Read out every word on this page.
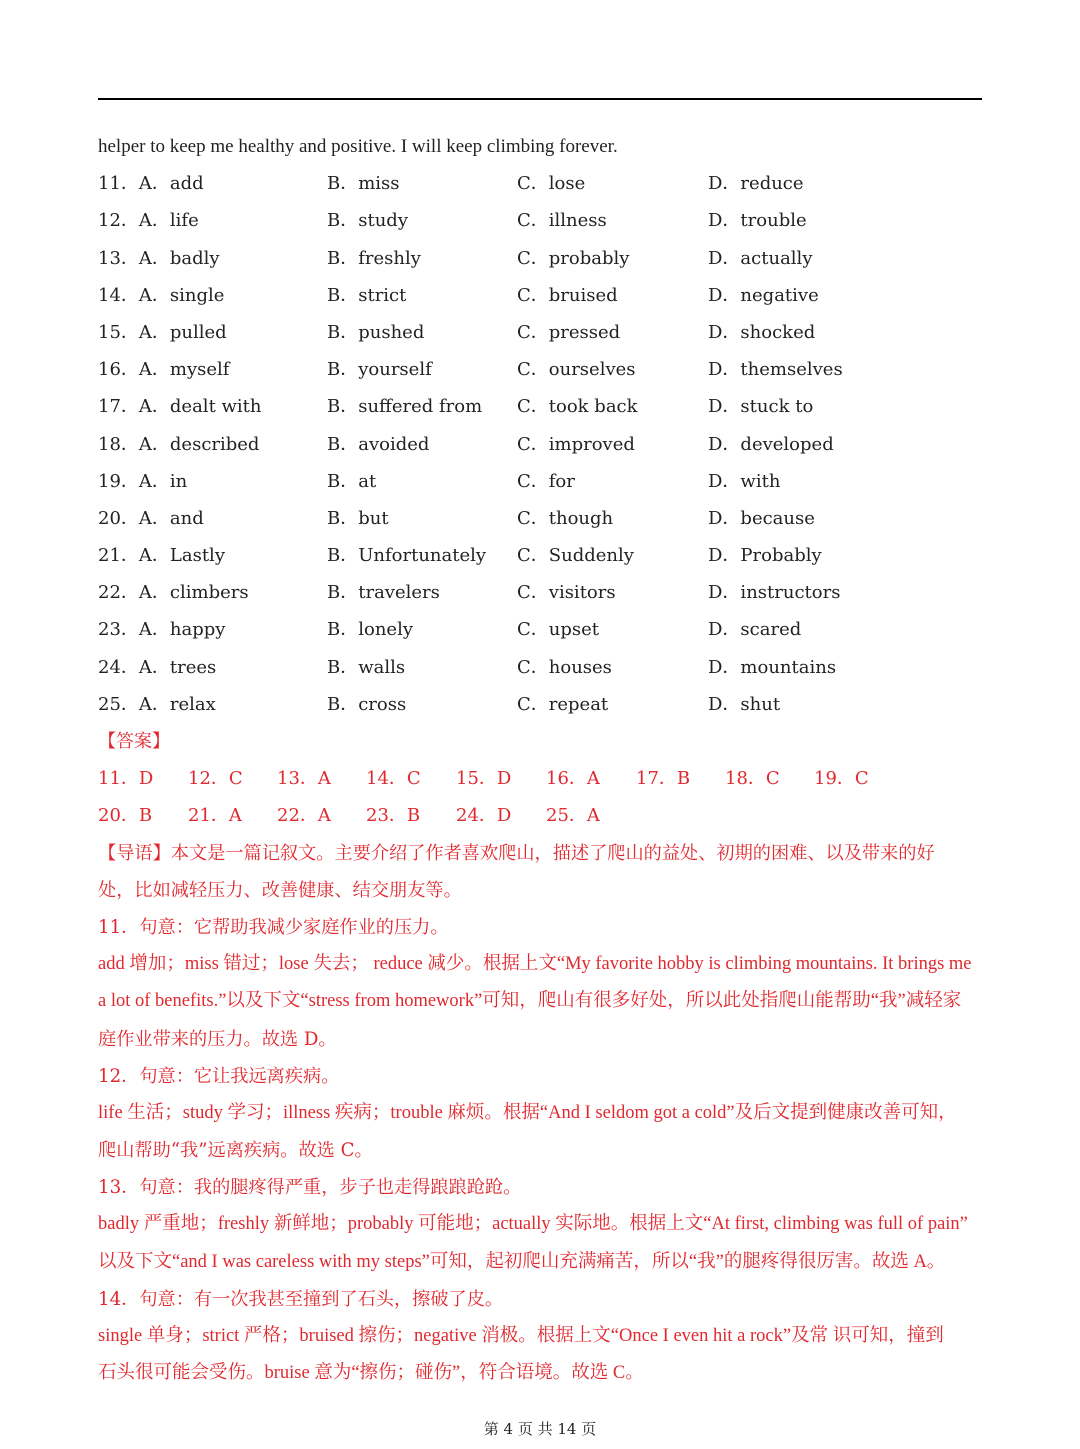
helper to keep me healthy and positive. I will keep climbing forever.
11．A．add	B．miss	C．lose	D．reduce
12．A．life	B．study	C．illness	D．trouble
13．A．badly	B．freshly	C．probably	D．actually
14．A．single	B．strict	C．bruised	D．negative
15．A．pulled	B．pushed	C．pressed	D．shocked
16．A．myself	B．yourself	C．ourselves	D．themselves
17．A．dealt with	B．suffered from C．took back	D．stuck to
18．A．described	B．avoided	C．improved	D．developed
19．A．in	B．at	C．for	D．with
20．A．and	B．but	C．though	D．because
21．A．Lastly	B．Unfortunately C．Suddenly	D．Probably
22．A．climbers	B．travelers	C．visitors	D．instructors
23．A．happy	B．lonely	C．upset	D．scared
24．A．trees	B．walls	C．houses	D．mountains
25．A．relax	B．cross	C．repeat	D．shut
【答案】
11．D 12．C 13．A 14．C 15．D 16．A 17．B 18．C 19．C
20．B 21．A 22．A 23．B 24．D 25．A
【导语】本文是一篇记叙文。主要介绍了作者喜欢爬山，描述了爬山的益处、初期的困难、以及带来的好
处，比如减轻压力、改善健康、结交朋友等。
11．句意：它帮助我减少家庭作业的压力。
add 增加；miss 错过；lose 失去； reduce 减少。根据上文“My favorite hobby is climbing mountains. It brings me
a lot of benefits.”以及下文“stress from homework”可知，爬山有很多好处，所以此处指爬山能帮助“我”减轻家
庭作业带来的压力。故选 D。
12．句意：它让我远离疾病。
life 生活；study 学习；illness 疾病；trouble 麻烦。根据“And I seldom got a cold”及后文提到健康改善可知，
爬山帮助“我”远离疾病。故选 C。
13．句意：我的腿疼得严重，步子也走得踉踉跄跄。
badly 严重地；freshly 新鲜地；probably 可能地；actually 实际地。根据上文“At first, climbing was full of pain”
以及下文“and I was careless with my steps”可知，起初爬山充满痛苦，所以“我”的腿疼得很厉害。故选 A。
14．句意：有一次我甚至撞到了石头，擦破了皮。
single 单身；strict 严格；bruised 擦伤；negative 消极。根据上文“Once I even hit a rock”及常 识可知，撞到
石头很可能会受伤。bruise 意为“擦伤；碰伤”，符合语境。故选 C。
第 4 页 共 14 页
